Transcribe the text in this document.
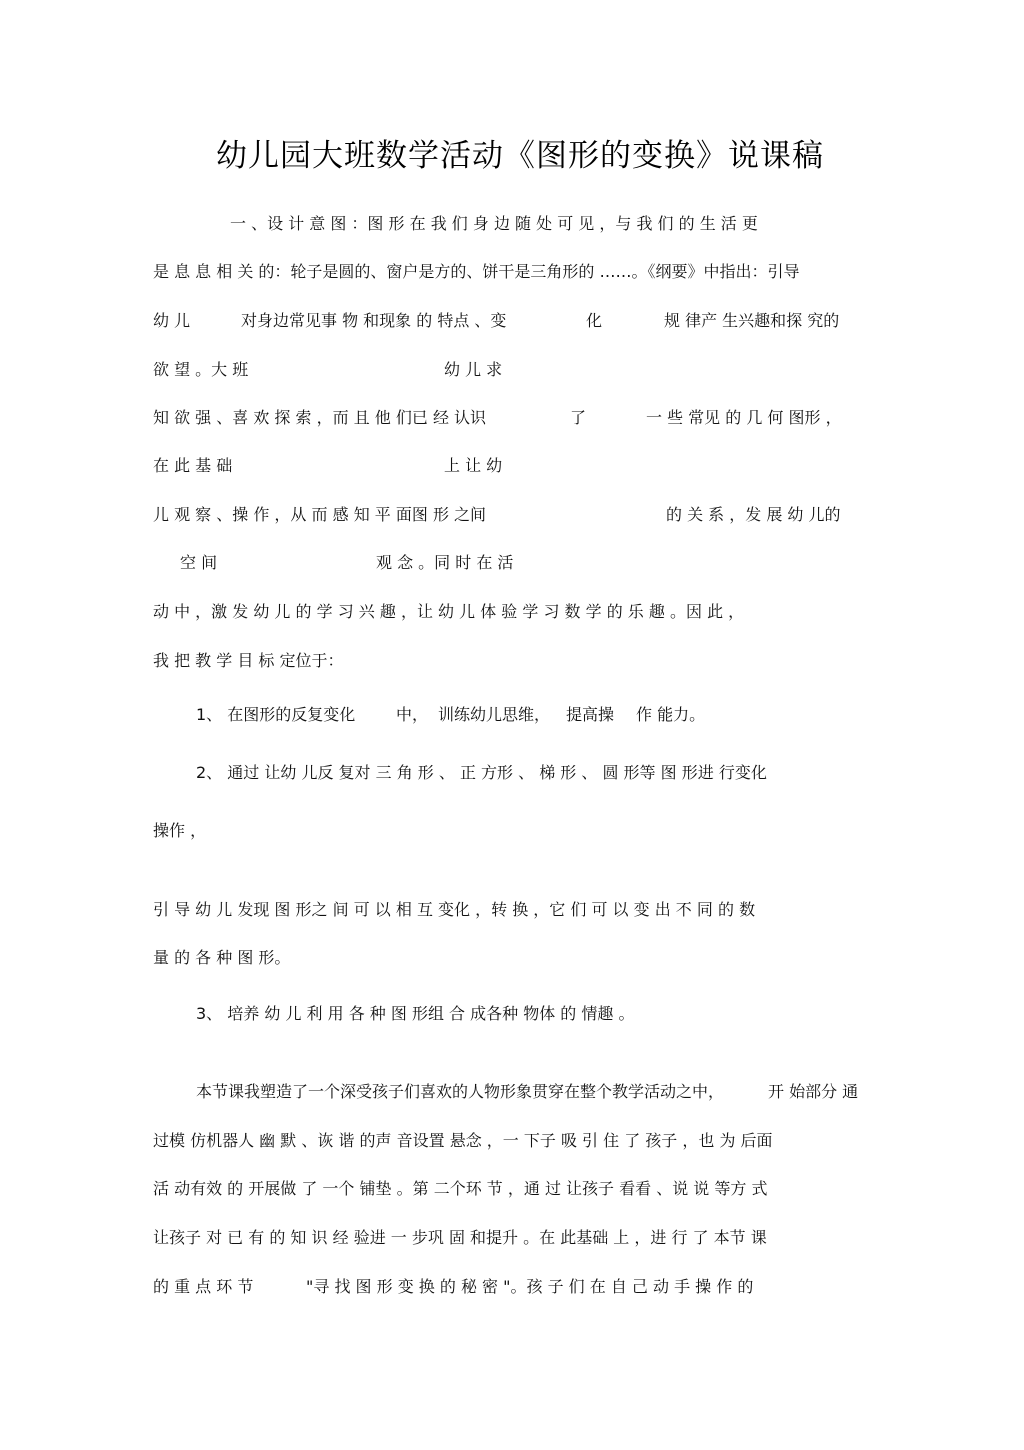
幼儿园大班数学活动《图形的变换》说课稿
一 、设 计 意 图 ：图 形 在 我 们 身 边 随 处 可 见 ，与 我 们 的 生 活 更
是 息 息 相 关 的：轮子是圆的、窗户是方的、饼干是三角形的 ……。《纲要》中指出：引导
幼 儿	对身边常见事 物 和现象 的 特点 、变	化	规 律产 生兴趣和探 究的
欲 望 。大 班	幼 儿 求
知 欲 强 、喜 欢 探 索 ，而 且 他 们已 经 认识	了	一 些 常见 的 几 何 图形 ，
在 此 基 础	上 让 幼
儿 观 察 、操 作 ，从 而 感 知 平 面图 形 之间	的 关 系 ，发 展 幼 儿的
空 间	观 念 。同 时 在 活
动 中 ，激 发 幼 儿 的 学 习 兴 趣 ，让 幼 儿 体 验 学 习 数 学 的 乐 趣 。因 此 ，
我 把 教 学 目 标 定位于：
1、 在图形的反复变化	中， 训练幼儿思维， 提高操 作 能力。
2、 通过 让幼 儿反 复对 三 角 形 、 正 方形 、 梯 形 、 圆 形等 图 形进 行变化
操作 ，
引 导 幼 儿 发现 图 形之 间 可 以 相 互 变化 ，转 换 ，它 们 可 以 变 出 不 同 的 数
量 的 各 种 图 形。
3、 培养 幼 儿 利 用 各 种 图 形组 合 成各种 物体 的 情趣 。
本节课我塑造了一个深受孩子们喜欢的人物形象贯穿在整个教学活动之中，	开 始部分 通
过模 仿机器人 幽 默 、诙 谐 的声 音设置 悬念 ，一 下子 吸 引 住 了 孩子 ，也 为 后面
活 动有效 的 开展做 了 一个 铺垫 。第 二个环 节 ，通 过 让孩子 看看 、说 说 等方 式
让孩子 对 已 有 的 知 识 经 验进 一 步巩 固 和提升 。在 此基础 上 ，进 行 了 本节 课
的 重 点 环 节	"寻 找 图 形 变 换 的 秘 密 "。孩 子 们 在 自 己 动 手 操 作 的
